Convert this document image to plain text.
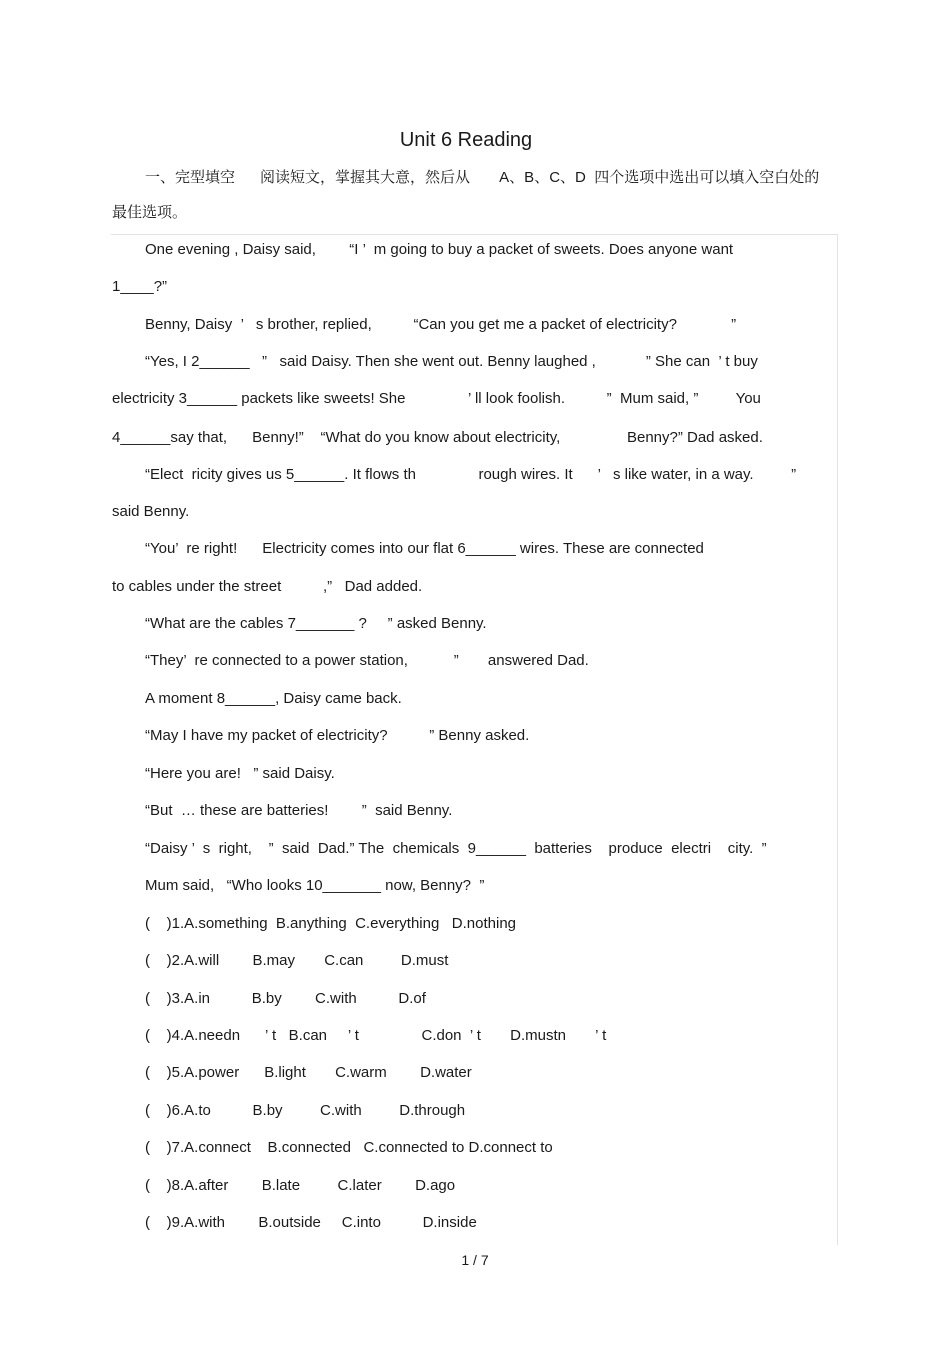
Unit 6 Reading
一、完型填空      阅读短文，掌握其大意，然后从       A、B、C、D  四个选项中选出可以填入空白处的
最佳选项。
One evening , Daisy said,        “I ’  m going to buy a packet of sweets. Does anyone want
1____?”
Benny, Daisy  ’   s brother, replied,          “Can you get me a packet of electricity?             ”
“Yes, I 2______   ”   said Daisy. Then she went out. Benny laughed ,            ” She can  ’ t buy
electricity 3______ packets like sweets! She               ’ ll look foolish.          ”  Mum said, ”         You
4______say that,      Benny!”    “What do you know about electricity,                Benny?” Dad asked.
“Elect  ricity gives us 5______. It flows th               rough wires. It      ’   s like water, in a way.         ”
said Benny.
“You’  re right!      Electricity comes into our flat 6______ wires. These are connected
to cables under the street          ,”   Dad added.
“What are the cables 7_______ ?     ” asked Benny.
“They’  re connected to a power station,           ”       answered Dad.
A moment 8______, Daisy came back.
“May I have my packet of electricity?          ” Benny asked.
“Here you are!   ” said Daisy.
“But  … these are batteries!        ”  said Benny.
“Daisy ’  s  right,    ”  said  Dad.” The  chemicals  9______  batteries    produce  electri    city.  ”
Mum said,   “Who looks 10_______ now, Benny?  ”
(    )1.A.something  B.anything  C.everything   D.nothing
(    )2.A.will        B.may       C.can         D.must
(    )3.A.in          B.by        C.with          D.of
(    )4.A.needn      ’ t   B.can     ’ t               C.don  ’ t       D.mustn       ’ t
(    )5.A.power      B.light       C.warm        D.water
(    )6.A.to          B.by         C.with         D.through
(    )7.A.connect    B.connected   C.connected to D.connect to
(    )8.A.after        B.late         C.later        D.ago
(    )9.A.with        B.outside     C.into          D.inside
1 / 7
